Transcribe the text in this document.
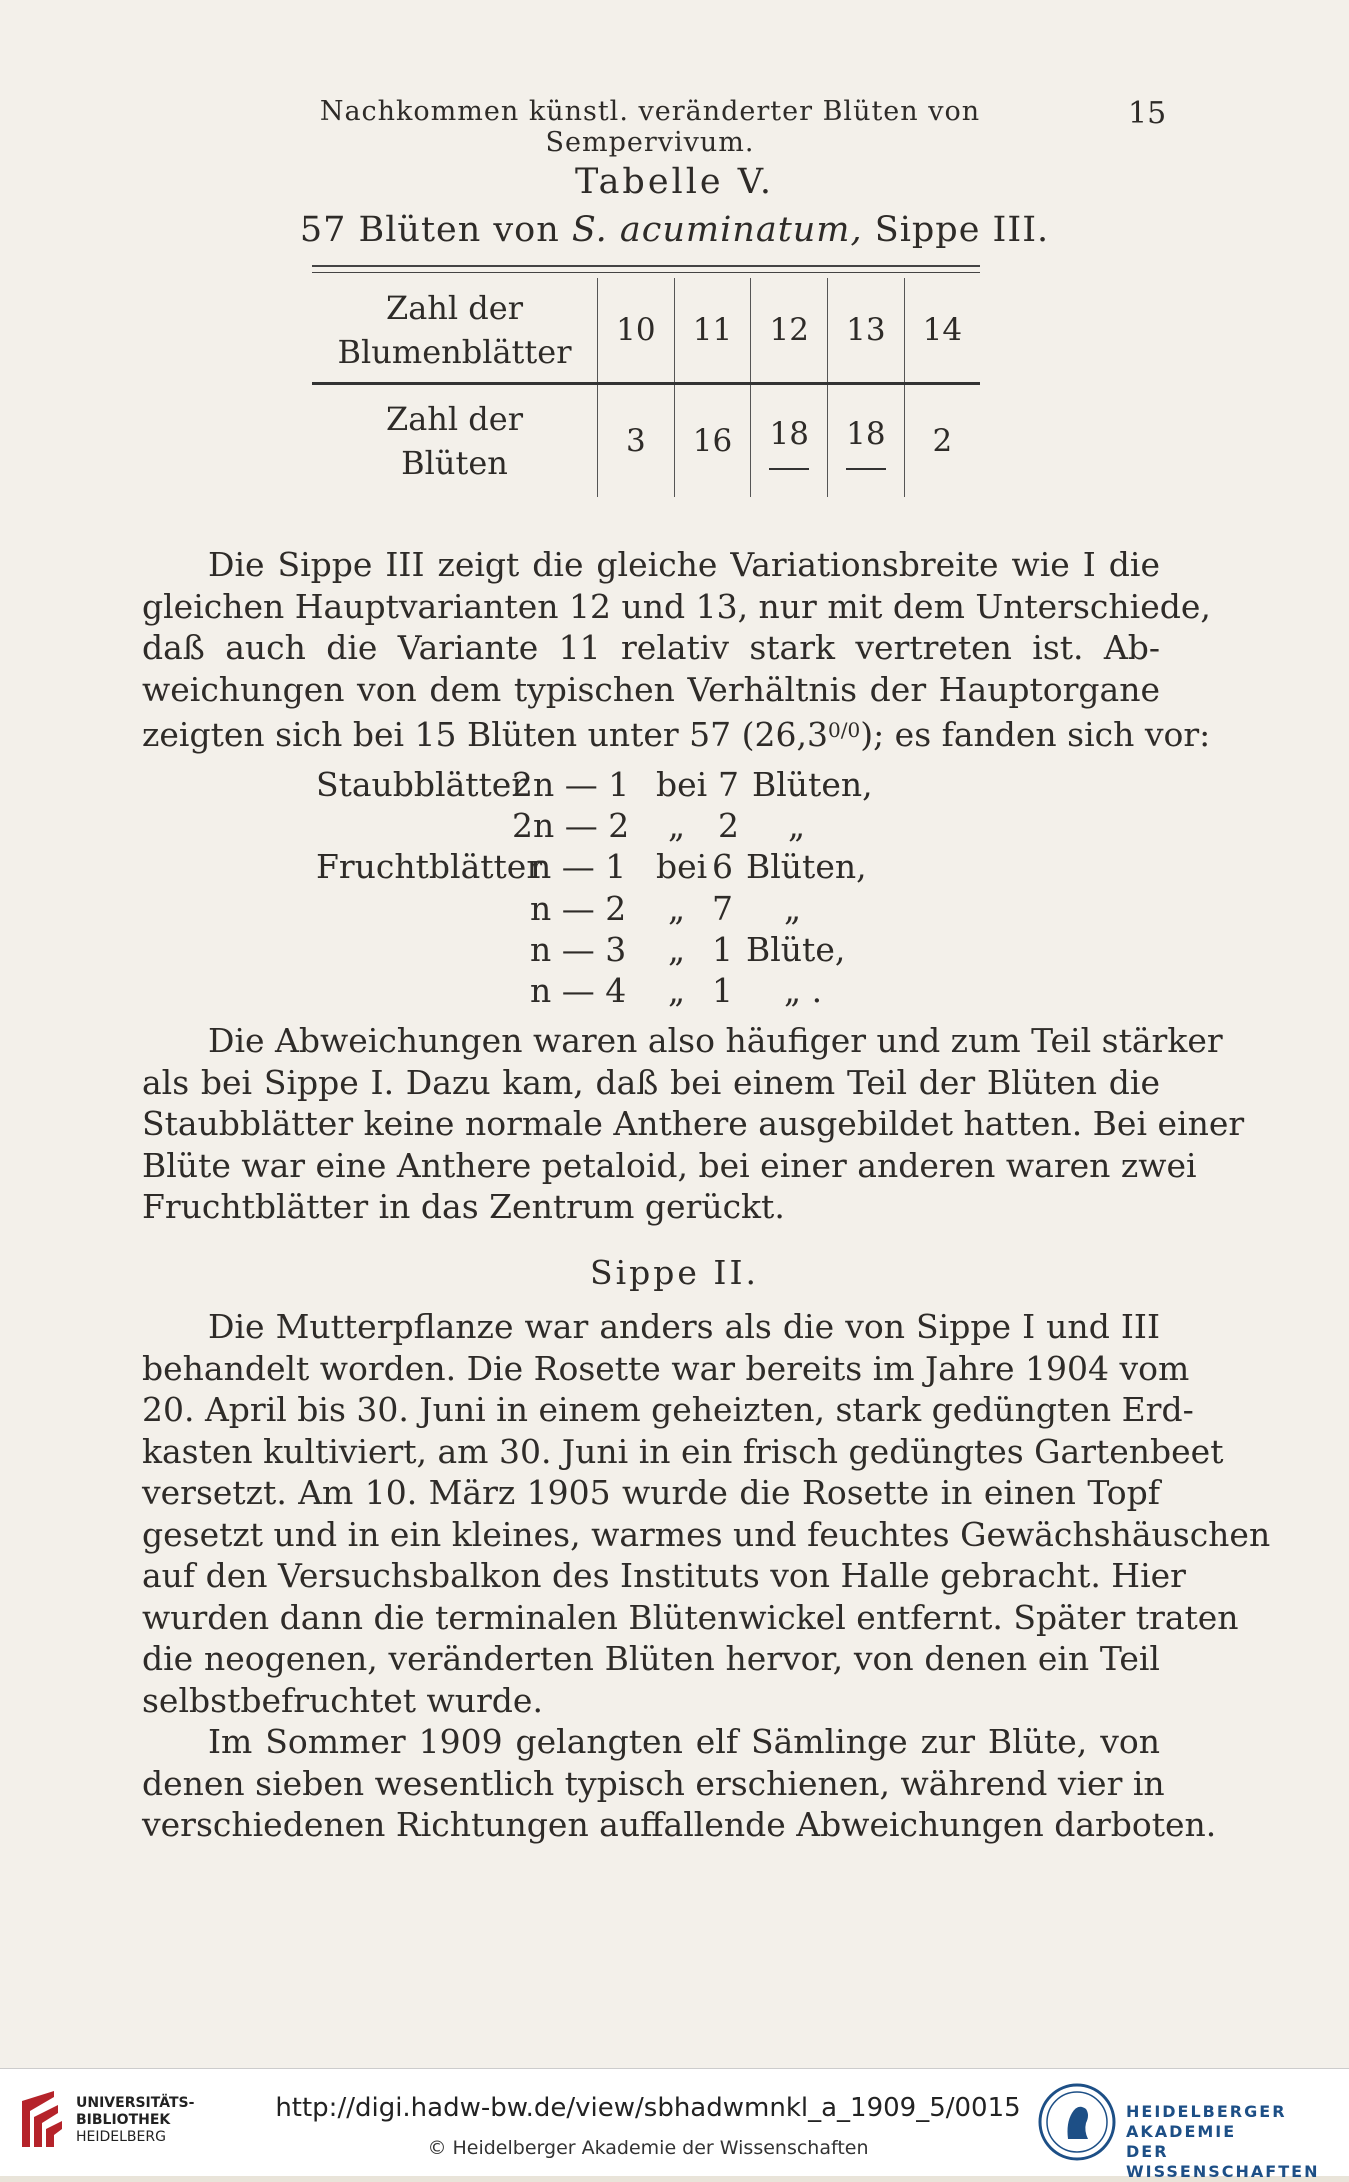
Nachkommen künstl. veränderter Blüten von Sempervivum.
15
Tabelle V.
57 Blüten von S. acuminatum, Sippe III.
Zahl der
Blumenblätter	10	11	12	13	14

Zahl der
Blüten	3	16	18	18	2
Die Sippe III zeigt die gleiche Variationsbreite wie I die
gleichen Hauptvarianten 12 und 13, nur mit dem Unterschiede,
daß auch die Variante 11 relativ stark vertreten ist. Ab-
weichungen von dem typischen Verhältnis der Hauptorgane
zeigten sich bei 15 Blüten unter 57 $(26,3^{0/0})$; es fanden sich vor:
Staubblätter
2n — 1 bei 7 Blüten,
2n — 2 „ 2 „
Fruchtblätter
n — 1 bei 6 Blüten,
n — 2 „ 7 „
n — 3 „ 1 Blüte,
n — 4 „ 1 „ .
Die Abweichungen waren also häufiger und zum Teil stärker
als bei Sippe I. Dazu kam, daß bei einem Teil der Blüten die
Staubblätter keine normale Anthere ausgebildet hatten. Bei einer
Blüte war eine Anthere petaloid, bei einer anderen waren zwei
Fruchtblätter in das Zentrum gerückt.
Sippe II.
Die Mutterpflanze war anders als die von Sippe I und III
behandelt worden. Die Rosette war bereits im Jahre 1904 vom
20. April bis 30. Juni in einem geheizten, stark gedüngten Erd-
kasten kultiviert, am 30. Juni in ein frisch gedüngtes Gartenbeet
versetzt. Am 10. März 1905 wurde die Rosette in einen Topf
gesetzt und in ein kleines, warmes und feuchtes Gewächshäuschen
auf den Versuchsbalkon des Instituts von Halle gebracht. Hier
wurden dann die terminalen Blütenwickel entfernt. Später traten
die neogenen, veränderten Blüten hervor, von denen ein Teil
selbstbefruchtet wurde.
Im Sommer 1909 gelangten elf Sämlinge zur Blüte, von
denen sieben wesentlich typisch erschienen, während vier in
verschiedenen Richtungen auffallende Abweichungen darboten.
UNIVERSITÄTS-
BIBLIOTHEK
HEIDELBERG
http://digi.hadw-bw.de/view/sbhadwmnkl_a_1909_5/0015
© Heidelberger Akademie der Wissenschaften
HEIDELBERGER AKADEMIE
DER WISSENSCHAFTEN
